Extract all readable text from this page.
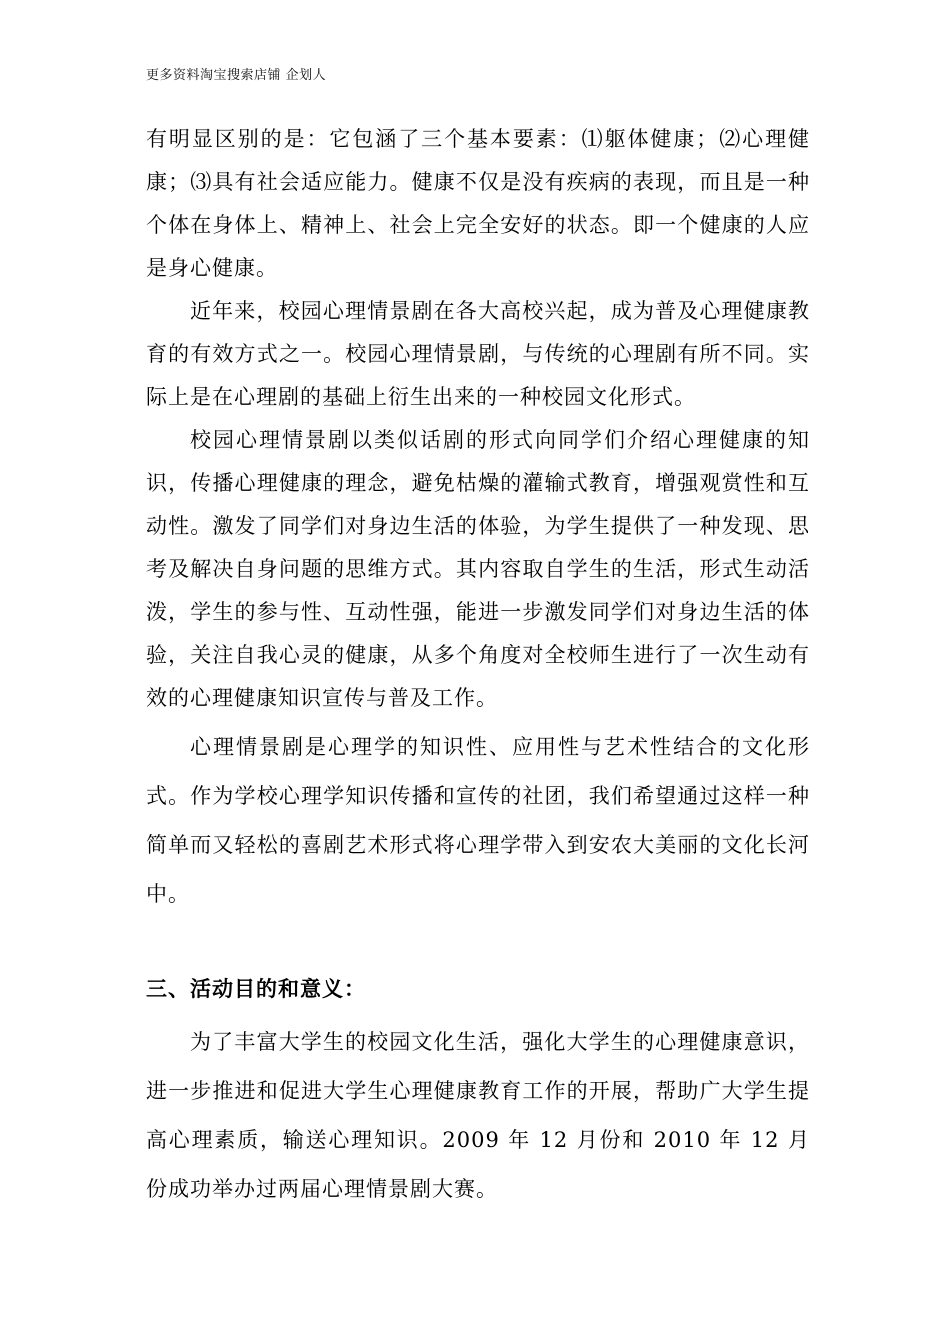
更多资料淘宝搜索店铺 企划人

有明显区别的是：它包涵了三个基本要素：⑴躯体健康；⑵心理健康；⑶具有社会适应能力。健康不仅是没有疾病的表现，而且是一种个体在身体上、精神上、社会上完全安好的状态。即一个健康的人应是身心健康。

近年来，校园心理情景剧在各大高校兴起，成为普及心理健康教育的有效方式之一。校园心理情景剧，与传统的心理剧有所不同。实际上是在心理剧的基础上衍生出来的一种校园文化形式。

校园心理情景剧以类似话剧的形式向同学们介绍心理健康的知识，传播心理健康的理念，避免枯燥的灌输式教育，增强观赏性和互动性。激发了同学们对身边生活的体验，为学生提供了一种发现、思考及解决自身问题的思维方式。其内容取自学生的生活，形式生动活泼，学生的参与性、互动性强，能进一步激发同学们对身边生活的体验，关注自我心灵的健康，从多个角度对全校师生进行了一次生动有效的心理健康知识宣传与普及工作。

心理情景剧是心理学的知识性、应用性与艺术性结合的文化形式。作为学校心理学知识传播和宣传的社团，我们希望通过这样一种简单而又轻松的喜剧艺术形式将心理学带入到安农大美丽的文化长河中。

三、活动目的和意义：

为了丰富大学生的校园文化生活，强化大学生的心理健康意识，进一步推进和促进大学生心理健康教育工作的开展，帮助广大学生提高心理素质，输送心理知识。2009 年 12 月份和 2010 年 12 月份成功举办过两届心理情景剧大赛。
